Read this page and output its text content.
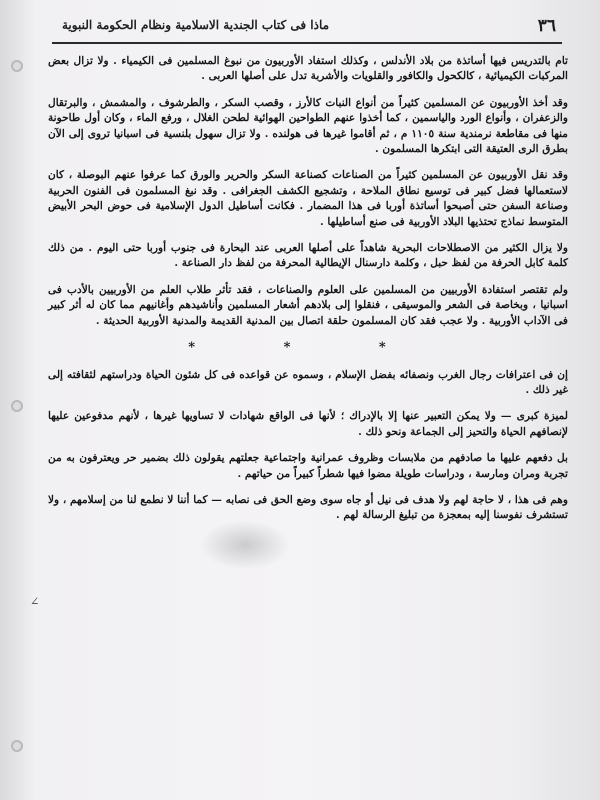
٣٦
ماذا فى كتاب الجندية الاسلامية ونظام الحكومة النبوية

تام بالتدريس فيها أساتذة من بلاد الأندلس ، وكذلك استفاد الأوربيون من نبوغ المسلمين فى الكيمياء . ولا تزال بعض المركبات الكيميائية ، كالكحول والكافور والقلويات والأشربة تدل على أصلها العربى .

وقد أخذ الأوربيون عن المسلمين كثيراً من أنواع النبات كالأرز ، وقصب السكر ، والطرشوف ، والمشمش ، والبرتقال والزعفران ، وأنواع الورد والياسمين ، كما أخذوا عنهم الطواحين الهوائية لطحن الغلال ، ورفع الماء ، وكان أول طاحونة منها فى مقاطعة نرمندية سنة ١١٠٥ م ، ثم أقاموا غيرها فى هولنده . ولا تزال سهول بلنسية فى اسبانيا تروى إلى الآن بطرق الرى العتيقة التى ابتكرها المسلمون .

وقد نقل الأوربيون عن المسلمين كثيراً من الصناعات كصناعة السكر والحرير والورق كما عرفوا عنهم البوصلة ، كان لاستعمالها فضل كبير فى توسيع نطاق الملاحة ، وتشجيع الكشف الجغرافى . وقد نبغ المسلمون فى الفنون الحربية وصناعة السفن حتى أصبحوا أساتذة أوربا فى هذا المضمار . فكانت أساطيل الدول الإسلامية فى حوض البحر الأبيض المتوسط نماذج تحتذيها البلاد الأوربية فى صنع أساطيلها .

ولا يزال الكثير من الاصطلاحات البحرية شاهداً على أصلها العربى عند البحارة فى جنوب أوربا حتى اليوم . من ذلك كلمة كابل الحرفة من لفظ حبل ، وكلمة دارسنال الإيطالية المحرفة من لفظ دار الصناعة .

ولم تقتصر استفادة الأوربيين من المسلمين على العلوم والصناعات ، فقد تأثر طلاب العلم من الأوربيين بالأدب فى اسبانيا ، وبخاصة فى الشعر والموسيقى ، فنقلوا إلى بلادهم أشعار المسلمين وأناشيدهم وأغانيهم مما كان له أثر كبير فى الآداب الأوربية . ولا عجب فقد كان المسلمون حلقة اتصال بين المدنية القديمة والمدنية الأوربية الحديثة .

* * *

إن فى اعترافات رجال الغرب ونصفائه بفضل الإسلام ، وسموه عن قواعده فى كل شئون الحياة ودراستهم لثقافته إلى غير ذلك .

لميزة كبرى — ولا يمكن التعبير عنها إلا بالإدراك ؛ لأنها فى الواقع شهادات لا تساويها غيرها ، لأنهم مدفوعين عليها لإنصافهم الحياة والتحيز إلى الجماعة ونحو ذلك .

بل دفعهم عليها ما صادفهم من ملابسات وظروف عمرانية واجتماعية جعلتهم يقولون ذلك بضمير حر ويعترفون به من تجربة ومران ومارسة ، ودراسات طويلة مضوا فيها شطراً كبيراً من حياتهم .

وهم فى هذا ، لا حاجة لهم ولا هدف فى نيل أو جاه سوى وضع الحق فى نصابه — كما أننا لا نطمع لنا من إسلامهم ، ولا تستشرف نفوسنا إليه بمعجزة من تبليغ الرسالة لهم .

∠
